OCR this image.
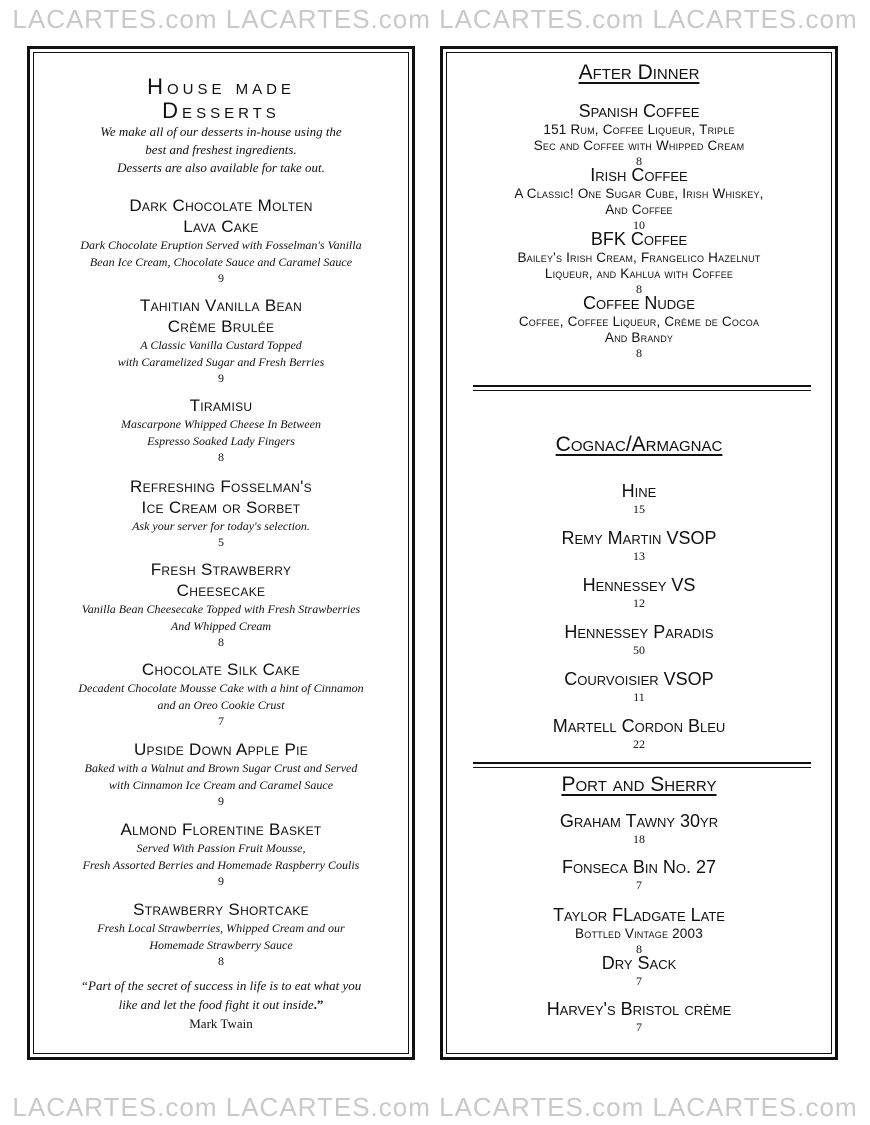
LACARTES.com LACARTES.com LACARTES.com LACARTES.com
House made
Desserts
We make all of our desserts in-house using the
best and freshest ingredients.
Desserts are also available for take out.
Dark Chocolate Molten
Lava Cake
Dark Chocolate Eruption Served with Fosselman's Vanilla
Bean Ice Cream, Chocolate Sauce and Caramel Sauce
9
Tahitian Vanilla Bean
Crème Brulée
A Classic Vanilla Custard Topped
with Caramelized Sugar and Fresh Berries
9
Tiramisu
Mascarpone Whipped Cheese In Between
Espresso Soaked Lady Fingers
8
Refreshing Fosselman's
Ice Cream or Sorbet
Ask your server for today's selection.
5
Fresh Strawberry
Cheesecake
Vanilla Bean Cheesecake Topped with Fresh Strawberries
And Whipped Cream
8
Chocolate Silk Cake
Decadent Chocolate Mousse Cake with a hint of Cinnamon
and an Oreo Cookie Crust
7
Upside Down Apple Pie
Baked with a Walnut and Brown Sugar Crust and Served
with Cinnamon Ice Cream and Caramel Sauce
9
Almond Florentine Basket
Served With Passion Fruit Mousse,
Fresh Assorted Berries and Homemade Raspberry Coulis
9
Strawberry Shortcake
Fresh Local Strawberries, Whipped Cream and our
Homemade Strawberry Sauce
8
“Part of the secret of success in life is to eat what you
like and let the food fight it out inside.”
Mark Twain
After Dinner
Spanish Coffee
151 Rum, Coffee Liqueur, Triple
Sec and Coffee with Whipped Cream
8
Irish Coffee
A Classic! One Sugar Cube, Irish Whiskey,
And Coffee
10
BFK Coffee
Bailey's Irish Cream, Frangelico Hazelnut
Liqueur, and Kahlua with Coffee
8
Coffee Nudge
Coffee, Coffee Liqueur, Crème de Cocoa
And Brandy
8
Cognac/Armagnac
Hine
15
Remy Martin VSOP
13
Hennessey VS
12
Hennessey Paradis
50
Courvoisier VSOP
11
Martell Cordon Bleu
22
Port and Sherry
Graham Tawny 30yr
18
Fonseca Bin No. 27
7
Taylor FLadgate Late
Bottled Vintage 2003
8
Dry Sack
7
Harvey's Bristol crème
7
LACARTES.com LACARTES.com LACARTES.com LACARTES.com
